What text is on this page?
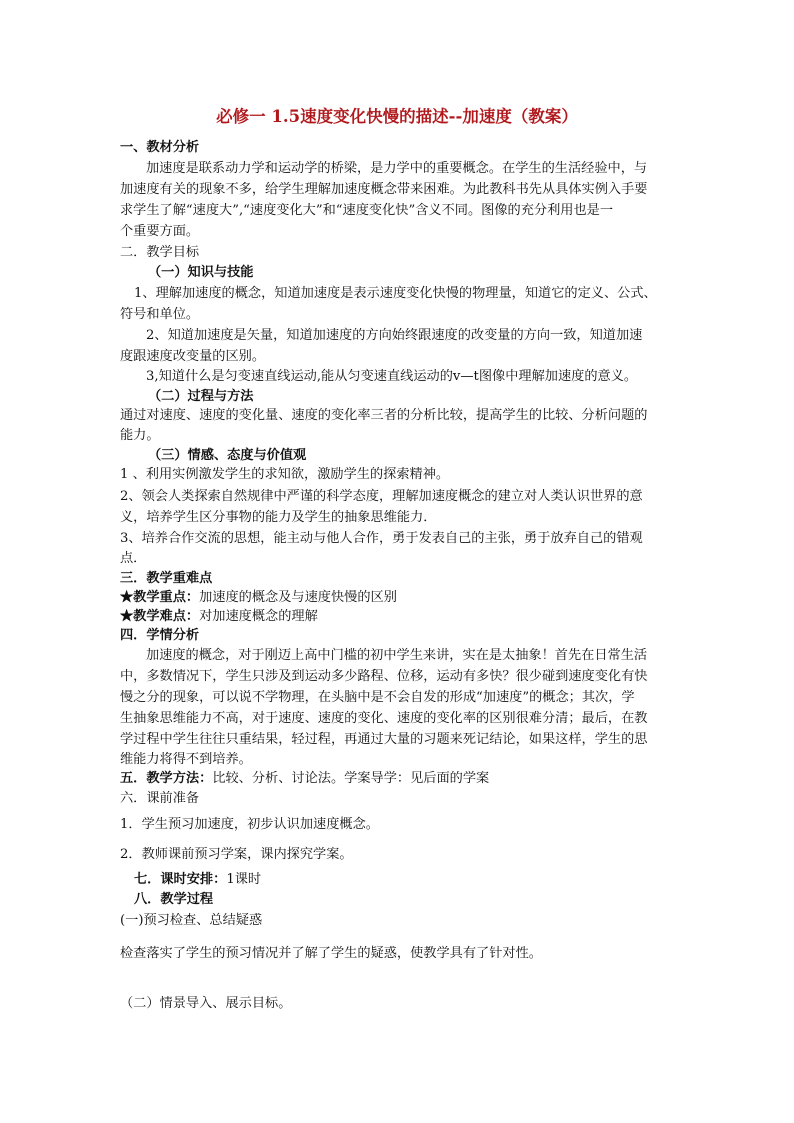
必修一 1.5速度变化快慢的描述--加速度（教案）
一、教材分析
加速度是联系动力学和运动学的桥梁，是力学中的重要概念。在学生的生活经验中，与
加速度有关的现象不多，给学生理解加速度概念带来困难。为此教科书先从具体实例入手要
求学生了解“速度大”,“速度变化大”和“速度变化快”含义不同。图像的充分利用也是一
个重要方面。
二．教学目标
（一）知识与技能
1、理解加速度的概念，知道加速度是表示速度变化快慢的物理量，知道它的定义、公式、
符号和单位。
2、知道加速度是矢量，知道加速度的方向始终跟速度的改变量的方向一致，知道加速
度跟速度改变量的区别。
3,知道什么是匀变速直线运动,能从匀变速直线运动的v—t图像中理解加速度的意义。
（二）过程与方法
通过对速度、速度的变化量、速度的变化率三者的分析比较，提高学生的比较、分析问题的
能力。
（三）情感、态度与价值观
1 、利用实例激发学生的求知欲，激励学生的探索精神。
2、领会人类探索自然规律中严谨的科学态度，理解加速度概念的建立对人类认识世界的意
义，培养学生区分事物的能力及学生的抽象思维能力．
3、培养合作交流的思想，能主动与他人合作，勇于发表自己的主张，勇于放弃自己的错观
点．
三．教学重难点
★教学重点：加速度的概念及与速度快慢的区别
★教学难点：对加速度概念的理解
四．学情分析
加速度的概念，对于刚迈上高中门槛的初中学生来讲，实在是太抽象！首先在日常生活
中，多数情况下，学生只涉及到运动多少路程、位移，运动有多快？很少碰到速度变化有快
慢之分的现象，可以说不学物理，在头脑中是不会自发的形成“加速度”的概念；其次，学
生抽象思维能力不高，对于速度、速度的变化、速度的变化率的区别很难分清；最后，在教
学过程中学生往往只重结果，轻过程，再通过大量的习题来死记结论，如果这样，学生的思
维能力将得不到培养。
五．教学方法：比较、分析、讨论法。学案导学：见后面的学案
六．课前准备
1．学生预习加速度，初步认识加速度概念。
2．教师课前预习学案，课内探究学案。
七．课时安排：1课时
八．教学过程
(一)预习检查、总结疑惑
检查落实了学生的预习情况并了解了学生的疑惑，使教学具有了针对性。
（二）情景导入、展示目标。
